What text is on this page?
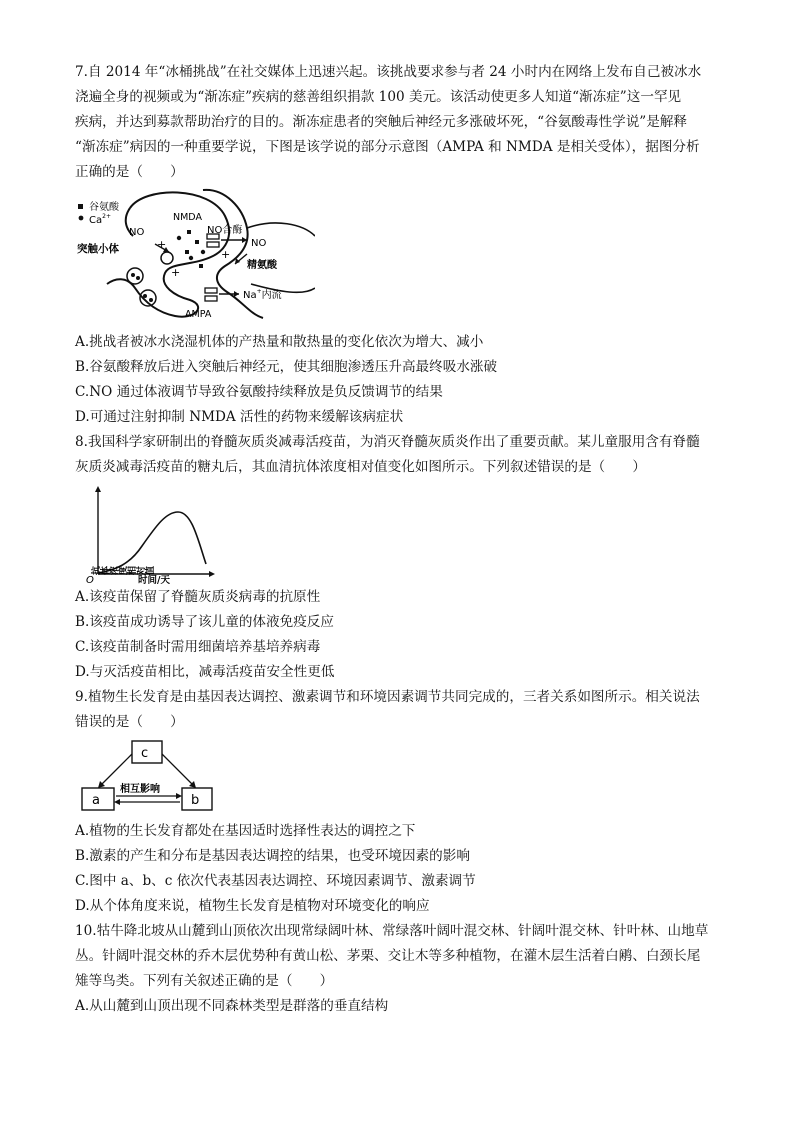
7.自 2014 年“冰桶挑战”在社交媒体上迅速兴起。该挑战要求参与者 24 小时内在网络上发布自己被冰水
浇遍全身的视频或为“渐冻症”疾病的慈善组织捐款 100 美元。该活动使更多人知道“渐冻症”这一罕见
疾病，并达到募款帮助治疗的目的。渐冻症患者的突触后神经元多涨破坏死，“谷氨酸毒性学说”是解释
“渐冻症”病因的一种重要学说，下图是该学说的部分示意图（AMPA 和 NMDA 是相关受体），据图分析
正确的是（　　）
谷氨酸
$Ca^{2+}$
NO
突触小体
NMDA
NO合酶
NO
精氨酸
Na+内流
AMPA
+
+
+
A.挑战者被冰水浇湿机体的产热量和散热量的变化依次为增大、减小
B.谷氨酸释放后进入突触后神经元，使其细胞渗透压升高最终吸水涨破
C.NO 通过体液调节导致谷氨酸持续释放是负反馈调节的结果
D.可通过注射抑制 NMDA 活性的药物来缓解该病症状
8.我国科学家研制出的脊髓灰质炎减毒活疫苗，为消灭脊髓灰质炎作出了重要贡献。某儿童服用含有脊髓
灰质炎减毒活疫苗的糖丸后，其血清抗体浓度相对值变化如图所示。下列叙述错误的是（　　）
抗体浓度相对值
时间/天
O
A.该疫苗保留了脊髓灰质炎病毒的抗原性
B.该疫苗成功诱导了该儿童的体液免疫反应
C.该疫苗制备时需用细菌培养基培养病毒
D.与灭活疫苗相比，减毒活疫苗安全性更低
9.植物生长发育是由基因表达调控、激素调节和环境因素调节共同完成的，三者关系如图所示。相关说法
错误的是（　　）
c
a	b
相互影响
A.植物的生长发育都处在基因适时选择性表达的调控之下
B.激素的产生和分布是基因表达调控的结果，也受环境因素的影响
C.图中 a、b、c 依次代表基因表达调控、环境因素调节、激素调节
D.从个体角度来说，植物生长发育是植物对环境变化的响应
10.牯牛降北坡从山麓到山顶依次出现常绿阔叶林、常绿落叶阔叶混交林、针阔叶混交林、针叶林、山地草
丛。针阔叶混交林的乔木层优势种有黄山松、茅栗、交让木等多种植物，在灌木层生活着白鹇、白颈长尾
雉等鸟类。下列有关叙述正确的是（　　）
A.从山麓到山顶出现不同森林类型是群落的垂直结构
